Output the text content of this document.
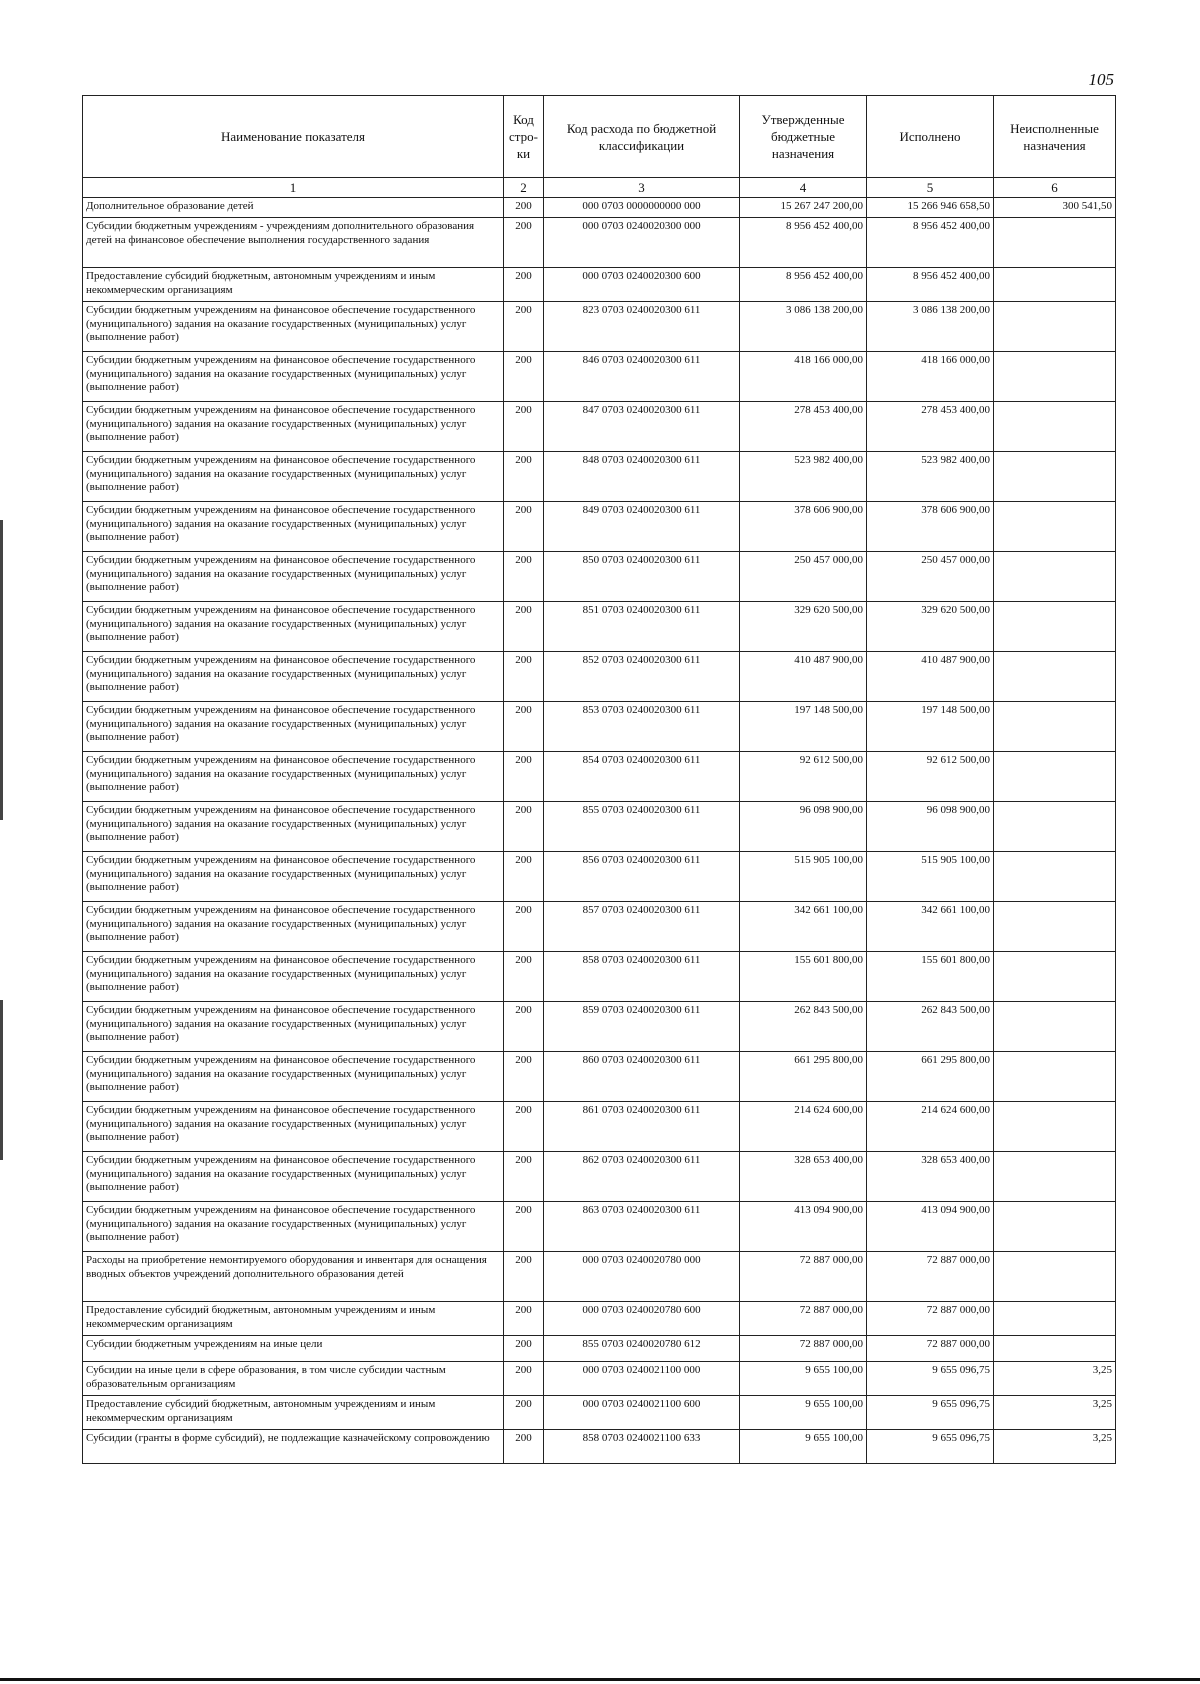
105
Наименование показателя	Код стро-ки	Код расхода по бюджетной классификации	Утвержденные бюджетные назначения	Исполнено	Неисполненные назначения
1	2	3	4	5	6
Дополнительное образование детей	200	000 0703 0000000000 000	15 267 247 200,00	15 266 946 658,50	300 541,50
Субсидии бюджетным учреждениям - учреждениям дополнительного образования детей на финансовое обеспечение выполнения государственного задания	200	000 0703 0240020300 000	8 956 452 400,00	8 956 452 400,00	
Предоставление субсидий бюджетным, автономным учреждениям и иным некоммерческим организациям	200	000 0703 0240020300 600	8 956 452 400,00	8 956 452 400,00	
Субсидии бюджетным учреждениям на финансовое обеспечение государственного (муниципального) задания на оказание государственных (муниципальных) услуг (выполнение работ)	200	823 0703 0240020300 611	3 086 138 200,00	3 086 138 200,00	
Субсидии бюджетным учреждениям на финансовое обеспечение государственного (муниципального) задания на оказание государственных (муниципальных) услуг (выполнение работ)	200	846 0703 0240020300 611	418 166 000,00	418 166 000,00	
Субсидии бюджетным учреждениям на финансовое обеспечение государственного (муниципального) задания на оказание государственных (муниципальных) услуг (выполнение работ)	200	847 0703 0240020300 611	278 453 400,00	278 453 400,00	
Субсидии бюджетным учреждениям на финансовое обеспечение государственного (муниципального) задания на оказание государственных (муниципальных) услуг (выполнение работ)	200	848 0703 0240020300 611	523 982 400,00	523 982 400,00	
Субсидии бюджетным учреждениям на финансовое обеспечение государственного (муниципального) задания на оказание государственных (муниципальных) услуг (выполнение работ)	200	849 0703 0240020300 611	378 606 900,00	378 606 900,00	
Субсидии бюджетным учреждениям на финансовое обеспечение государственного (муниципального) задания на оказание государственных (муниципальных) услуг (выполнение работ)	200	850 0703 0240020300 611	250 457 000,00	250 457 000,00	
Субсидии бюджетным учреждениям на финансовое обеспечение государственного (муниципального) задания на оказание государственных (муниципальных) услуг (выполнение работ)	200	851 0703 0240020300 611	329 620 500,00	329 620 500,00	
Субсидии бюджетным учреждениям на финансовое обеспечение государственного (муниципального) задания на оказание государственных (муниципальных) услуг (выполнение работ)	200	852 0703 0240020300 611	410 487 900,00	410 487 900,00	
Субсидии бюджетным учреждениям на финансовое обеспечение государственного (муниципального) задания на оказание государственных (муниципальных) услуг (выполнение работ)	200	853 0703 0240020300 611	197 148 500,00	197 148 500,00	
Субсидии бюджетным учреждениям на финансовое обеспечение государственного (муниципального) задания на оказание государственных (муниципальных) услуг (выполнение работ)	200	854 0703 0240020300 611	92 612 500,00	92 612 500,00	
Субсидии бюджетным учреждениям на финансовое обеспечение государственного (муниципального) задания на оказание государственных (муниципальных) услуг (выполнение работ)	200	855 0703 0240020300 611	96 098 900,00	96 098 900,00	
Субсидии бюджетным учреждениям на финансовое обеспечение государственного (муниципального) задания на оказание государственных (муниципальных) услуг (выполнение работ)	200	856 0703 0240020300 611	515 905 100,00	515 905 100,00	
Субсидии бюджетным учреждениям на финансовое обеспечение государственного (муниципального) задания на оказание государственных (муниципальных) услуг (выполнение работ)	200	857 0703 0240020300 611	342 661 100,00	342 661 100,00	
Субсидии бюджетным учреждениям на финансовое обеспечение государственного (муниципального) задания на оказание государственных (муниципальных) услуг (выполнение работ)	200	858 0703 0240020300 611	155 601 800,00	155 601 800,00	
Субсидии бюджетным учреждениям на финансовое обеспечение государственного (муниципального) задания на оказание государственных (муниципальных) услуг (выполнение работ)	200	859 0703 0240020300 611	262 843 500,00	262 843 500,00	
Субсидии бюджетным учреждениям на финансовое обеспечение государственного (муниципального) задания на оказание государственных (муниципальных) услуг (выполнение работ)	200	860 0703 0240020300 611	661 295 800,00	661 295 800,00	
Субсидии бюджетным учреждениям на финансовое обеспечение государственного (муниципального) задания на оказание государственных (муниципальных) услуг (выполнение работ)	200	861 0703 0240020300 611	214 624 600,00	214 624 600,00	
Субсидии бюджетным учреждениям на финансовое обеспечение государственного (муниципального) задания на оказание государственных (муниципальных) услуг (выполнение работ)	200	862 0703 0240020300 611	328 653 400,00	328 653 400,00	
Субсидии бюджетным учреждениям на финансовое обеспечение государственного (муниципального) задания на оказание государственных (муниципальных) услуг (выполнение работ)	200	863 0703 0240020300 611	413 094 900,00	413 094 900,00	
Расходы на приобретение немонтируемого оборудования и инвентаря для оснащения вводных объектов учреждений дополнительного образования детей	200	000 0703 0240020780 000	72 887 000,00	72 887 000,00	
Предоставление субсидий бюджетным, автономным учреждениям и иным некоммерческим организациям	200	000 0703 0240020780 600	72 887 000,00	72 887 000,00	
Субсидии бюджетным учреждениям на иные цели	200	855 0703 0240020780 612	72 887 000,00	72 887 000,00	
Субсидии на иные цели в сфере образования, в том числе субсидии частным образовательным организациям	200	000 0703 0240021100 000	9 655 100,00	9 655 096,75	3,25
Предоставление субсидий бюджетным, автономным учреждениям и иным некоммерческим организациям	200	000 0703 0240021100 600	9 655 100,00	9 655 096,75	3,25
Субсидии (гранты в форме субсидий), не подлежащие казначейскому сопровождению	200	858 0703 0240021100 633	9 655 100,00	9 655 096,75	3,25
